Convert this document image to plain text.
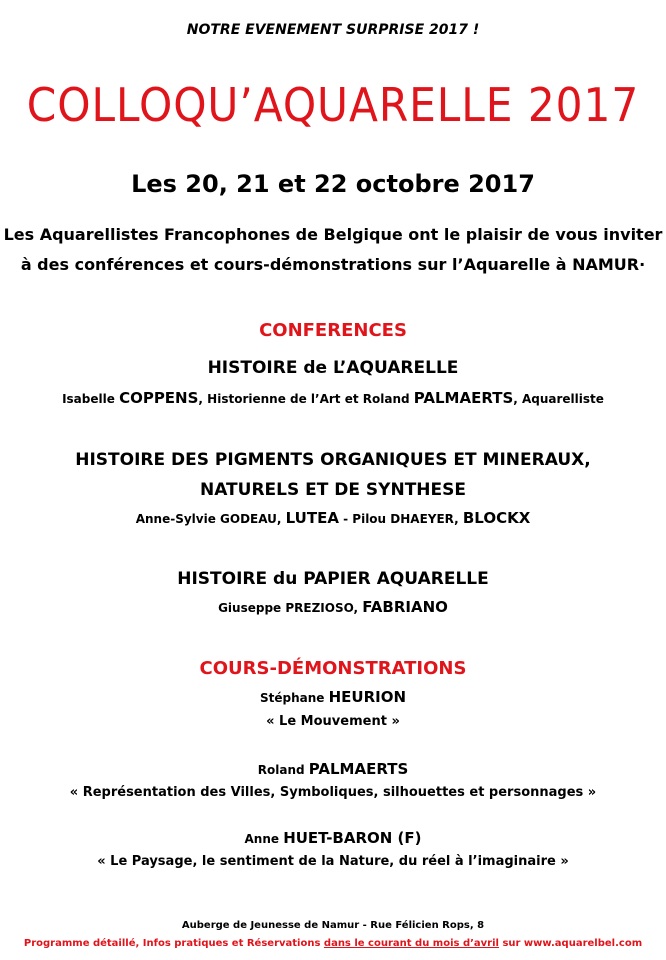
NOTRE EVENEMENT SURPRISE 2017 !
COLLOQU’AQUARELLE 2017
Les 20, 21 et 22 octobre 2017
Les Aquarellistes Francophones de Belgique ont le plaisir de vous inviter
à des conférences et cours-démonstrations sur l’Aquarelle à NAMUR·
CONFERENCES
HISTOIRE de L’AQUARELLE
Isabelle COPPENS, Historienne de l’Art et Roland PALMAERTS, Aquarelliste
HISTOIRE DES PIGMENTS ORGANIQUES ET MINERAUX,
NATURELS ET DE SYNTHESE
Anne-Sylvie GODEAU, LUTEA - Pilou DHAEYER, BLOCKX
HISTOIRE du PAPIER AQUARELLE
Giuseppe PREZIOSO, FABRIANO
COURS-DÉMONSTRATIONS
Stéphane HEURION
« Le Mouvement »
Roland PALMAERTS
« Représentation des Villes, Symboliques, silhouettes et personnages »
Anne HUET-BARON (F)
« Le Paysage, le sentiment de la Nature, du réel à l’imaginaire »
Auberge de Jeunesse de Namur - Rue Félicien Rops, 8
Programme détaillé, Infos pratiques et Réservations dans le courant du mois d’avril sur www.aquarelbel.com
